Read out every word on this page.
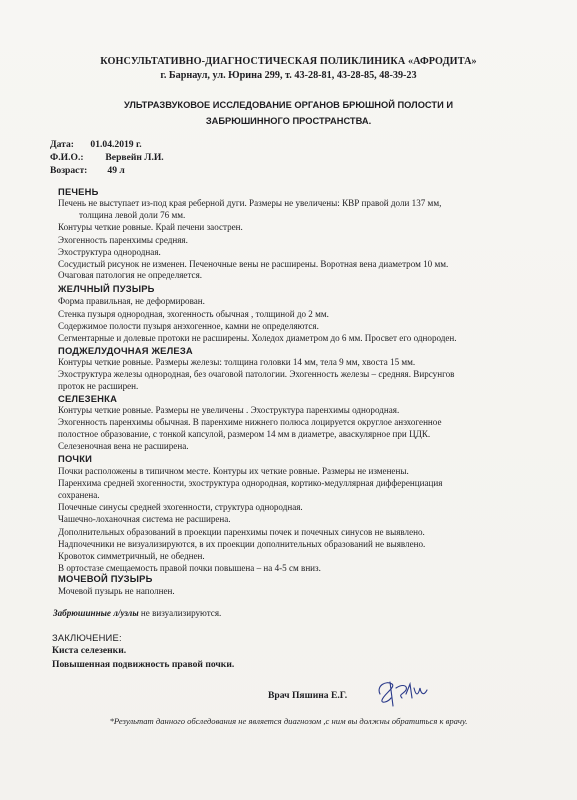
КОНСУЛЬТАТИВНО-ДИАГНОСТИЧЕСКАЯ ПОЛИКЛИНИКА «АФРОДИТА»
г. Барнаул, ул. Юрина 299, т. 43-28-81, 43-28-85, 48-39-23
УЛЬТРАЗВУКОВОЕ ИССЛЕДОВАНИЕ ОРГАНОВ БРЮШНОЙ ПОЛОСТИ И
ЗАБРЮШИННОГО ПРОСТРАНСТВА.
Дата: 01.04.2019 г.
Ф.И.О.: Вервейн Л.И.
Возраст: 49 л
ПЕЧЕНЬ
Печень не выступает из-под края реберной дуги. Размеры не увеличены: КВР правой доли 137 мм,
толщина левой доли 76 мм.
Контуры четкие ровные. Край печени заострен.
Эхогенность паренхимы средняя.
Эхоструктура однородная.
Сосудистый рисунок не изменен. Печеночные вены не расширены. Воротная вена диаметром 10 мм.
Очаговая патология не определяется.
ЖЕЛЧНЫЙ ПУЗЫРЬ
Форма правильная, не деформирован.
Стенка пузыря однородная, эхогенность обычная , толщиной до 2 мм.
Содержимое полости пузыря анэхогенное, камни не определяются.
Сегментарные и долевые протоки не расширены. Холедох диаметром до 6 мм. Просвет его однороден.
ПОДЖЕЛУДОЧНАЯ ЖЕЛЕЗА
Контуры четкие ровные. Размеры железы: толщина головки 14 мм, тела 9 мм, хвоста 15 мм.
Эхоструктура железы однородная, без очаговой патологии. Эхогенность железы – средняя. Вирсунгов
проток не расширен.
СЕЛЕЗЕНКА
Контуры четкие ровные. Размеры не увеличены . Эхоструктура паренхимы однородная.
Эхогенность паренхимы обычная. В паренхиме нижнего полюса лоцируется округлое анэхогенное
полостное образование, с тонкой капсулой, размером 14 мм в диаметре, аваскулярное при ЦДК.
Селезеночная вена не расширена.
ПОЧКИ
Почки расположены в типичном месте. Контуры их четкие ровные. Размеры не изменены.
Паренхима средней эхогенности, эхоструктура однородная, кортико-медуллярная дифференциация
сохранена.
Почечные синусы средней эхогенности, структура однородная.
Чашечно-лоханочная система не расширена.
Дополнительных образований в проекции паренхимы почек и почечных синусов не выявлено.
Надпочечники не визуализируются, в их проекции дополнительных образований не выявлено.
Кровоток симметричный, не обеднен.
В ортостазе смещаемость правой почки повышена – на 4-5 см вниз.
МОЧЕВОЙ ПУЗЫРЬ
Мочевой пузырь не наполнен.
Забрюшинные л/узлы не визуализируются.
ЗАКЛЮЧЕНИЕ:
Киста селезенки.
Повышенная подвижность правой почки.
Врач Пяшина Е.Г.
*Результат данного обследования не является диагнозом ,с ним вы должны обратиться к врачу.
